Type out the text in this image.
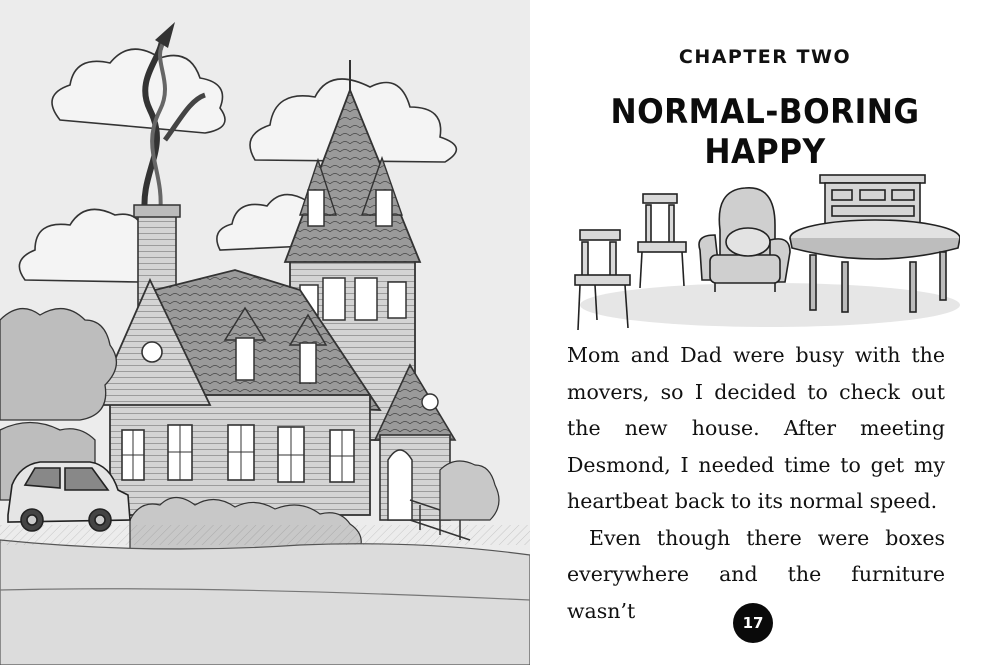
CHAPTER TWO
NORMAL-BORING HAPPY

Mom and Dad were busy with the movers, so I decided to check out the new house. After meeting Desmond, I needed time to get my heartbeat back to its normal speed.

Even though there were boxes everywhere and the furniture wasn’t

17
